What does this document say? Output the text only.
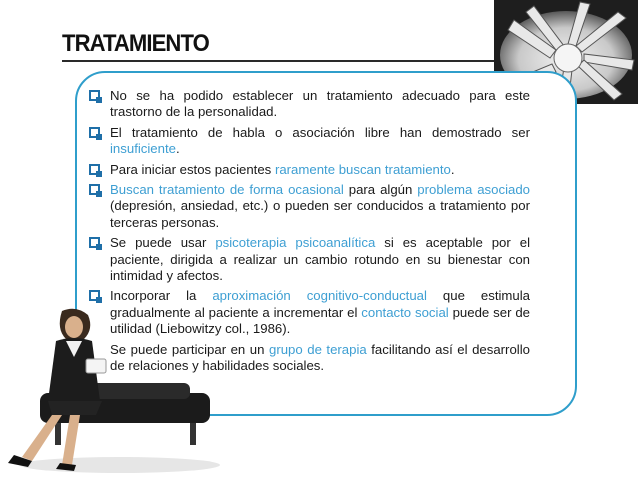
TRATAMIENTO
No se ha podido establecer un tratamiento adecuado para este trastorno de la personalidad.
El tratamiento de habla o asociación libre han demostrado ser insuficiente.
Para iniciar estos pacientes raramente buscan tratamiento.
Buscan tratamiento de forma ocasional para algún problema asociado (depresión, ansiedad, etc.) o pueden ser conducidos a tratamiento por terceras personas.
Se puede usar psicoterapia psicoanalítica si es aceptable por el paciente, dirigida a realizar un cambio rotundo en su bienestar con intimidad y afectos.
Incorporar la aproximación cognitivo-conductual que estimula gradualmente al paciente a incrementar el contacto social puede ser de utilidad (Liebowitzy col., 1986).
Se puede participar en un grupo de terapia facilitando así el desarrollo de relaciones y habilidades sociales.
